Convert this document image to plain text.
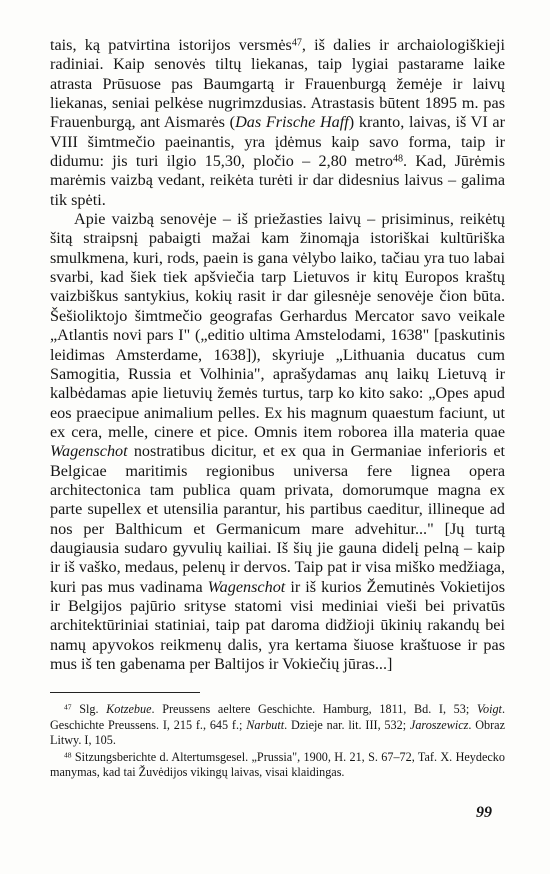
tais, ką patvirtina istorijos versmės$^{47}$, iš dalies ir archaiologiškieji radiniai. Kaip senovės tiltų liekanas, taip lygiai pastarame laike atrasta Prūsuose pas Baumgartą ir Frauenburgą žemėje ir laivų liekanas, seniai pelkėse nugrimzdusias. Atrastasis būtent 1895 m. pas Frauenburgą, ant Aismarės (Das Frische Haff) kranto, laivas, iš VI ar VIII šimtmečio paeinantis, yra įdėmus kaip savo forma, taip ir didumu: jis turi ilgio 15,30, pločio – 2,80 metro$^{48}$. Kad, Jūrėmis marėmis vaizbą vedant, reikėta turėti ir dar didesnius laivus – galima tik spėti.

Apie vaizbą senovėje – iš priežasties laivų – prisiminus, reikėtų šitą straipsnį pabaigti mažai kam žinomąja istoriškai kultūriška smulkmena, kuri, rods, paein is gana vėlybo laiko, tačiau yra tuo labai svarbi, kad šiek tiek apšviečia tarp Lietuvos ir kitų Europos kraštų vaizbiškus santykius, kokių rasit ir dar gilesnėje senovėje čion būta. Šešioliktojo šimtmečio geografas Gerhardus Mercator savo veikale „Atlantis novi pars I" („editio ultima Amstelodami, 1638" [paskutinis leidimas Amsterdame, 1638]), skyriuje „Lithuania ducatus cum Samogitia, Russia et Volhinia", aprašydamas anų laikų Lietuvą ir kalbėdamas apie lietuvių žemės turtus, tarp ko kito sako: „Opes apud eos praecipue animalium pelles. Ex his magnum quaestum faciunt, ut ex cera, melle, cinere et pice. Omnis item roborea illa materia quae Wagenschot nostratibus dicitur, et ex qua in Germaniae inferioris et Belgicae maritimis regionibus universa fere lignea opera architectonica tam publica quam privata, domorumque magna ex parte supellex et utensilia parantur, his partibus caeditur, illineque ad nos per Balthicum et Germanicum mare advehitur..." [Jų turtą daugiausia sudaro gyvulių kailiai. Iš šių jie gauna didelį pelną – kaip ir iš vaško, medaus, pelenų ir dervos. Taip pat ir visa miško medžiaga, kuri pas mus vadinama Wagenschot ir iš kurios Žemutinės Vokietijos ir Belgijos pajūrio srityse statomi visi mediniai vieši bei privatūs architektūriniai statiniai, taip pat daroma didžioji ūkinių rakandų bei namų apyvokos reikmenų dalis, yra kertama šiuose kraštuose ir pas mus iš ten gabenama per Baltijos ir Vokiečių jūras...]

$^{47}$ Slg. Kotzebue. Preussens aeltere Geschichte. Hamburg, 1811, Bd. I, 53; Voigt. Geschichte Preussens. I, 215 f., 645 f.; Narbutt. Dzieje nar. lit. III, 532; Jaroszewicz. Obraz Litwy. I, 105.

$^{48}$ Sitzungsberichte d. Altertumsgesel. „Prussia", 1900, H. 21, S. 67–72, Taf. X. Heydecko manymas, kad tai Žuvėdijos vikingų laivas, visai klaidingas.

99
